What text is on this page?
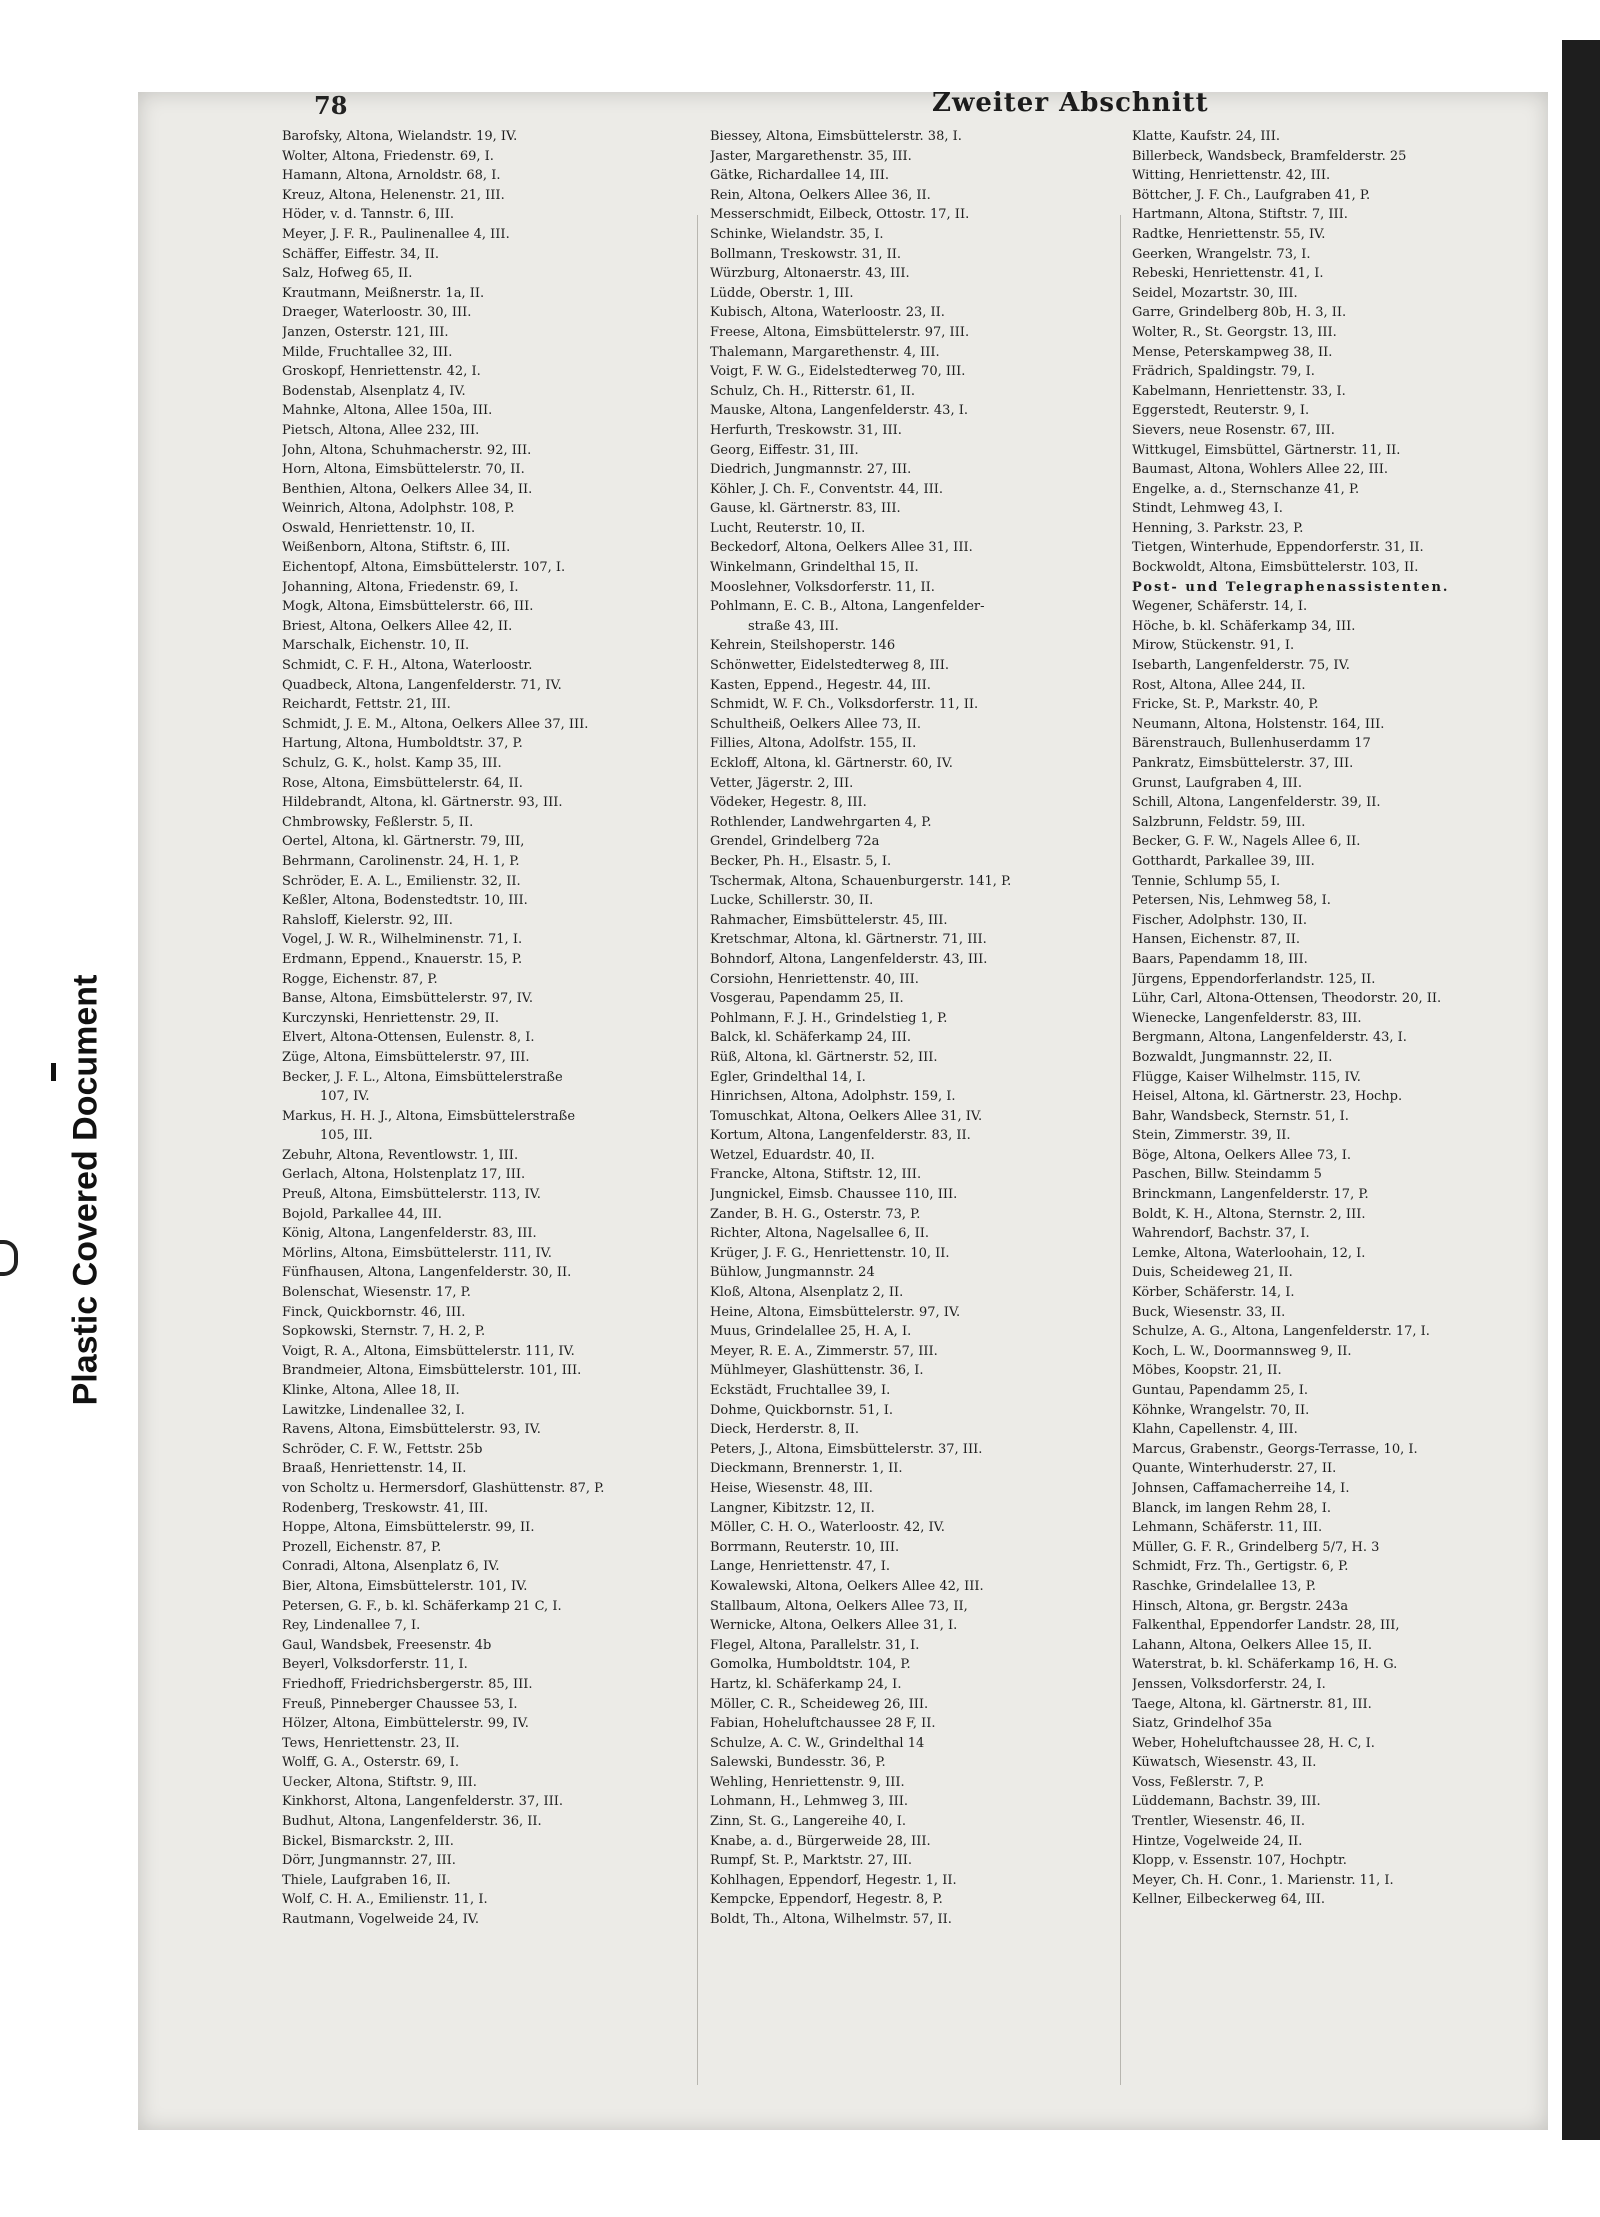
Plastic Covered Document
78	Zweiter Abschnitt
Barofsky, Altona, Wielandstr. 19, IV.
Wolter, Altona, Friedenstr. 69, I.
Hamann, Altona, Arnoldstr. 68, I.
Kreuz, Altona, Helenenstr. 21, III.
Höder, v. d. Tannstr. 6, III.
Meyer, J. F. R., Paulinenallee 4, III.
Schäffer, Eiffestr. 34, II.
Salz, Hofweg 65, II.
Krautmann, Meißnerstr. 1a, II.
Draeger, Waterloostr. 30, III.
Janzen, Osterstr. 121, III.
Milde, Fruchtallee 32, III.
Groskopf, Henriettenstr. 42, I.
Bodenstab, Alsenplatz 4, IV.
Mahnke, Altona, Allee 150a, III.
Pietsch, Altona, Allee 232, III.
John, Altona, Schuhmacherstr. 92, III.
Horn, Altona, Eimsbüttelerstr. 70, II.
Benthien, Altona, Oelkers Allee 34, II.
Weinrich, Altona, Adolphstr. 108, P.
Oswald, Henriettenstr. 10, II.
Weißenborn, Altona, Stiftstr. 6, III.
Eichentopf, Altona, Eimsbüttelerstr. 107, I.
Johanning, Altona, Friedenstr. 69, I.
Mogk, Altona, Eimsbüttelerstr. 66, III.
Briest, Altona, Oelkers Allee 42, II.
Marschalk, Eichenstr. 10, II.
Schmidt, C. F. H., Altona, Waterloostr.
Quadbeck, Altona, Langenfelderstr. 71, IV.
Reichardt, Fettstr. 21, III.
Schmidt, J. E. M., Altona, Oelkers Allee 37, III.
Hartung, Altona, Humboldtstr. 37, P.
Schulz, G. K., holst. Kamp 35, III.
Rose, Altona, Eimsbüttelerstr. 64, II.
Hildebrandt, Altona, kl. Gärtnerstr. 93, III.
Chmbrowsky, Feßlerstr. 5, II.
Oertel, Altona, kl. Gärtnerstr. 79, III,
Behrmann, Carolinenstr. 24, H. 1, P.
Schröder, E. A. L., Emilienstr. 32, II.
Keßler, Altona, Bodenstedtstr. 10, III.
Rahsloff, Kielerstr. 92, III.
Vogel, J. W. R., Wilhelminenstr. 71, I.
Erdmann, Eppend., Knauerstr. 15, P.
Rogge, Eichenstr. 87, P.
Banse, Altona, Eimsbüttelerstr. 97, IV.
Kurczynski, Henriettenstr. 29, II.
Elvert, Altona-Ottensen, Eulenstr. 8, I.
Züge, Altona, Eimsbüttelerstr. 97, III.
Becker, J. F. L., Altona, Eimsbüttelerstraße
107, IV.
Markus, H. H. J., Altona, Eimsbüttelerstraße
105, III.
Zebuhr, Altona, Reventlowstr. 1, III.
Gerlach, Altona, Holstenplatz 17, III.
Preuß, Altona, Eimsbüttelerstr. 113, IV.
Bojold, Parkallee 44, III.
König, Altona, Langenfelderstr. 83, III.
Mörlins, Altona, Eimsbüttelerstr. 111, IV.
Fünfhausen, Altona, Langenfelderstr. 30, II.
Bolenschat, Wiesenstr. 17, P.
Finck, Quickbornstr. 46, III.
Sopkowski, Sternstr. 7, H. 2, P.
Voigt, R. A., Altona, Eimsbüttelerstr. 111, IV.
Brandmeier, Altona, Eimsbüttelerstr. 101, III.
Klinke, Altona, Allee 18, II.
Lawitzke, Lindenallee 32, I.
Ravens, Altona, Eimsbüttelerstr. 93, IV.
Schröder, C. F. W., Fettstr. 25b
Braaß, Henriettenstr. 14, II.
von Scholtz u. Hermersdorf, Glashüttenstr. 87, P.
Rodenberg, Treskowstr. 41, III.
Hoppe, Altona, Eimsbüttelerstr. 99, II.
Prozell, Eichenstr. 87, P.
Conradi, Altona, Alsenplatz 6, IV.
Bier, Altona, Eimsbüttelerstr. 101, IV.
Petersen, G. F., b. kl. Schäferkamp 21 C, I.
Rey, Lindenallee 7, I.
Gaul, Wandsbek, Freesenstr. 4b
Beyerl, Volksdorferstr. 11, I.
Friedhoff, Friedrichsbergerstr. 85, III.
Freuß, Pinneberger Chaussee 53, I.
Hölzer, Altona, Eimbüttelerstr. 99, IV.
Tews, Henriettenstr. 23, II.
Wolff, G. A., Osterstr. 69, I.
Uecker, Altona, Stiftstr. 9, III.
Kinkhorst, Altona, Langenfelderstr. 37, III.
Budhut, Altona, Langenfelderstr. 36, II.
Bickel, Bismarckstr. 2, III.
Dörr, Jungmannstr. 27, III.
Thiele, Laufgraben 16, II.
Wolf, C. H. A., Emilienstr. 11, I.
Rautmann, Vogelweide 24, IV.
Biessey, Altona, Eimsbüttelerstr. 38, I.
Jaster, Margarethenstr. 35, III.
Gätke, Richardallee 14, III.
Rein, Altona, Oelkers Allee 36, II.
Messerschmidt, Eilbeck, Ottostr. 17, II.
Schinke, Wielandstr. 35, I.
Bollmann, Treskowstr. 31, II.
Würzburg, Altonaerstr. 43, III.
Lüdde, Oberstr. 1, III.
Kubisch, Altona, Waterloostr. 23, II.
Freese, Altona, Eimsbüttelerstr. 97, III.
Thalemann, Margarethenstr. 4, III.
Voigt, F. W. G., Eidelstedterweg 70, III.
Schulz, Ch. H., Ritterstr. 61, II.
Mauske, Altona, Langenfelderstr. 43, I.
Herfurth, Treskowstr. 31, III.
Georg, Eiffestr. 31, III.
Diedrich, Jungmannstr. 27, III.
Köhler, J. Ch. F., Conventstr. 44, III.
Gause, kl. Gärtnerstr. 83, III.
Lucht, Reuterstr. 10, II.
Beckedorf, Altona, Oelkers Allee 31, III.
Winkelmann, Grindelthal 15, II.
Mooslehner, Volksdorferstr. 11, II.
Pohlmann, E. C. B., Altona, Langenfelder-
straße 43, III.
Kehrein, Steilshoperstr. 146
Schönwetter, Eidelstedterweg 8, III.
Kasten, Eppend., Hegestr. 44, III.
Schmidt, W. F. Ch., Volksdorferstr. 11, II.
Schultheiß, Oelkers Allee 73, II.
Fillies, Altona, Adolfstr. 155, II.
Eckloff, Altona, kl. Gärtnerstr. 60, IV.
Vetter, Jägerstr. 2, III.
Vödeker, Hegestr. 8, III.
Rothlender, Landwehrgarten 4, P.
Grendel, Grindelberg 72a
Becker, Ph. H., Elsastr. 5, I.
Tschermak, Altona, Schauenburgerstr. 141, P.
Lucke, Schillerstr. 30, II.
Rahmacher, Eimsbüttelerstr. 45, III.
Kretschmar, Altona, kl. Gärtnerstr. 71, III.
Bohndorf, Altona, Langenfelderstr. 43, III.
Corsiohn, Henriettenstr. 40, III.
Vosgerau, Papendamm 25, II.
Pohlmann, F. J. H., Grindelstieg 1, P.
Balck, kl. Schäferkamp 24, III.
Rüß, Altona, kl. Gärtnerstr. 52, III.
Egler, Grindelthal 14, I.
Hinrichsen, Altona, Adolphstr. 159, I.
Tomuschkat, Altona, Oelkers Allee 31, IV.
Kortum, Altona, Langenfelderstr. 83, II.
Wetzel, Eduardstr. 40, II.
Francke, Altona, Stiftstr. 12, III.
Jungnickel, Eimsb. Chaussee 110, III.
Zander, B. H. G., Osterstr. 73, P.
Richter, Altona, Nagelsallee 6, II.
Krüger, J. F. G., Henriettenstr. 10, II.
Bühlow, Jungmannstr. 24
Kloß, Altona, Alsenplatz 2, II.
Heine, Altona, Eimsbüttelerstr. 97, IV.
Muus, Grindelallee 25, H. A, I.
Meyer, R. E. A., Zimmerstr. 57, III.
Mühlmeyer, Glashüttenstr. 36, I.
Eckstädt, Fruchtallee 39, I.
Dohme, Quickbornstr. 51, I.
Dieck, Herderstr. 8, II.
Peters, J., Altona, Eimsbüttelerstr. 37, III.
Dieckmann, Brennerstr. 1, II.
Heise, Wiesenstr. 48, III.
Langner, Kibitzstr. 12, II.
Möller, C. H. O., Waterloostr. 42, IV.
Borrmann, Reuterstr. 10, III.
Lange, Henriettenstr. 47, I.
Kowalewski, Altona, Oelkers Allee 42, III.
Stallbaum, Altona, Oelkers Allee 73, II,
Wernicke, Altona, Oelkers Allee 31, I.
Flegel, Altona, Parallelstr. 31, I.
Gomolka, Humboldtstr. 104, P.
Hartz, kl. Schäferkamp 24, I.
Möller, C. R., Scheideweg 26, III.
Fabian, Hoheluftchaussee 28 F, II.
Schulze, A. C. W., Grindelthal 14
Salewski, Bundesstr. 36, P.
Wehling, Henriettenstr. 9, III.
Lohmann, H., Lehmweg 3, III.
Zinn, St. G., Langereihe 40, I.
Knabe, a. d., Bürgerweide 28, III.
Rumpf, St. P., Marktstr. 27, III.
Kohlhagen, Eppendorf, Hegestr. 1, II.
Kempcke, Eppendorf, Hegestr. 8, P.
Boldt, Th., Altona, Wilhelmstr. 57, II.
Klatte, Kaufstr. 24, III.
Billerbeck, Wandsbeck, Bramfelderstr. 25
Witting, Henriettenstr. 42, III.
Böttcher, J. F. Ch., Laufgraben 41, P.
Hartmann, Altona, Stiftstr. 7, III.
Radtke, Henriettenstr. 55, IV.
Geerken, Wrangelstr. 73, I.
Rebeski, Henriettenstr. 41, I.
Seidel, Mozartstr. 30, III.
Garre, Grindelberg 80b, H. 3, II.
Wolter, R., St. Georgstr. 13, III.
Mense, Peterskampweg 38, II.
Frädrich, Spaldingstr. 79, I.
Kabelmann, Henriettenstr. 33, I.
Eggerstedt, Reuterstr. 9, I.
Sievers, neue Rosenstr. 67, III.
Wittkugel, Eimsbüttel, Gärtnerstr. 11, II.
Baumast, Altona, Wohlers Allee 22, III.
Engelke, a. d., Sternschanze 41, P.
Stindt, Lehmweg 43, I.
Henning, 3. Parkstr. 23, P.
Tietgen, Winterhude, Eppendorferstr. 31, II.
Bockwoldt, Altona, Eimsbüttelerstr. 103, II.
Post- und Telegraphenassistenten.
Wegener, Schäferstr. 14, I.
Höche, b. kl. Schäferkamp 34, III.
Mirow, Stückenstr. 91, I.
Isebarth, Langenfelderstr. 75, IV.
Rost, Altona, Allee 244, II.
Fricke, St. P., Markstr. 40, P.
Neumann, Altona, Holstenstr. 164, III.
Bärenstrauch, Bullenhuserdamm 17
Pankratz, Eimsbüttelerstr. 37, III.
Grunst, Laufgraben 4, III.
Schill, Altona, Langenfelderstr. 39, II.
Salzbrunn, Feldstr. 59, III.
Becker, G. F. W., Nagels Allee 6, II.
Gotthardt, Parkallee 39, III.
Tennie, Schlump 55, I.
Petersen, Nis, Lehmweg 58, I.
Fischer, Adolphstr. 130, II.
Hansen, Eichenstr. 87, II.
Baars, Papendamm 18, III.
Jürgens, Eppendorferlandstr. 125, II.
Lühr, Carl, Altona-Ottensen, Theodorstr. 20, II.
Wienecke, Langenfelderstr. 83, III.
Bergmann, Altona, Langenfelderstr. 43, I.
Bozwaldt, Jungmannstr. 22, II.
Flügge, Kaiser Wilhelmstr. 115, IV.
Heisel, Altona, kl. Gärtnerstr. 23, Hochp.
Bahr, Wandsbeck, Sternstr. 51, I.
Stein, Zimmerstr. 39, II.
Böge, Altona, Oelkers Allee 73, I.
Paschen, Billw. Steindamm 5
Brinckmann, Langenfelderstr. 17, P.
Boldt, K. H., Altona, Sternstr. 2, III.
Wahrendorf, Bachstr. 37, I.
Lemke, Altona, Waterloohain, 12, I.
Duis, Scheideweg 21, II.
Körber, Schäferstr. 14, I.
Buck, Wiesenstr. 33, II.
Schulze, A. G., Altona, Langenfelderstr. 17, I.
Koch, L. W., Doormannsweg 9, II.
Möbes, Koopstr. 21, II.
Guntau, Papendamm 25, I.
Köhnke, Wrangelstr. 70, II.
Klahn, Capellenstr. 4, III.
Marcus, Grabenstr., Georgs-Terrasse, 10, I.
Quante, Winterhuderstr. 27, II.
Johnsen, Caffamacherreihe 14, I.
Blanck, im langen Rehm 28, I.
Lehmann, Schäferstr. 11, III.
Müller, G. F. R., Grindelberg 5/7, H. 3
Schmidt, Frz. Th., Gertigstr. 6, P.
Raschke, Grindelallee 13, P.
Hinsch, Altona, gr. Bergstr. 243a
Falkenthal, Eppendorfer Landstr. 28, III,
Lahann, Altona, Oelkers Allee 15, II.
Waterstrat, b. kl. Schäferkamp 16, H. G.
Jenssen, Volksdorferstr. 24, I.
Taege, Altona, kl. Gärtnerstr. 81, III.
Siatz, Grindelhof 35a
Weber, Hoheluftchaussee 28, H. C, I.
Küwatsch, Wiesenstr. 43, II.
Voss, Feßlerstr. 7, P.
Lüddemann, Bachstr. 39, III.
Trentler, Wiesenstr. 46, II.
Hintze, Vogelweide 24, II.
Klopp, v. Essenstr. 107, Hochptr.
Meyer, Ch. H. Conr., 1. Marienstr. 11, I.
Kellner, Eilbeckerweg 64, III.
